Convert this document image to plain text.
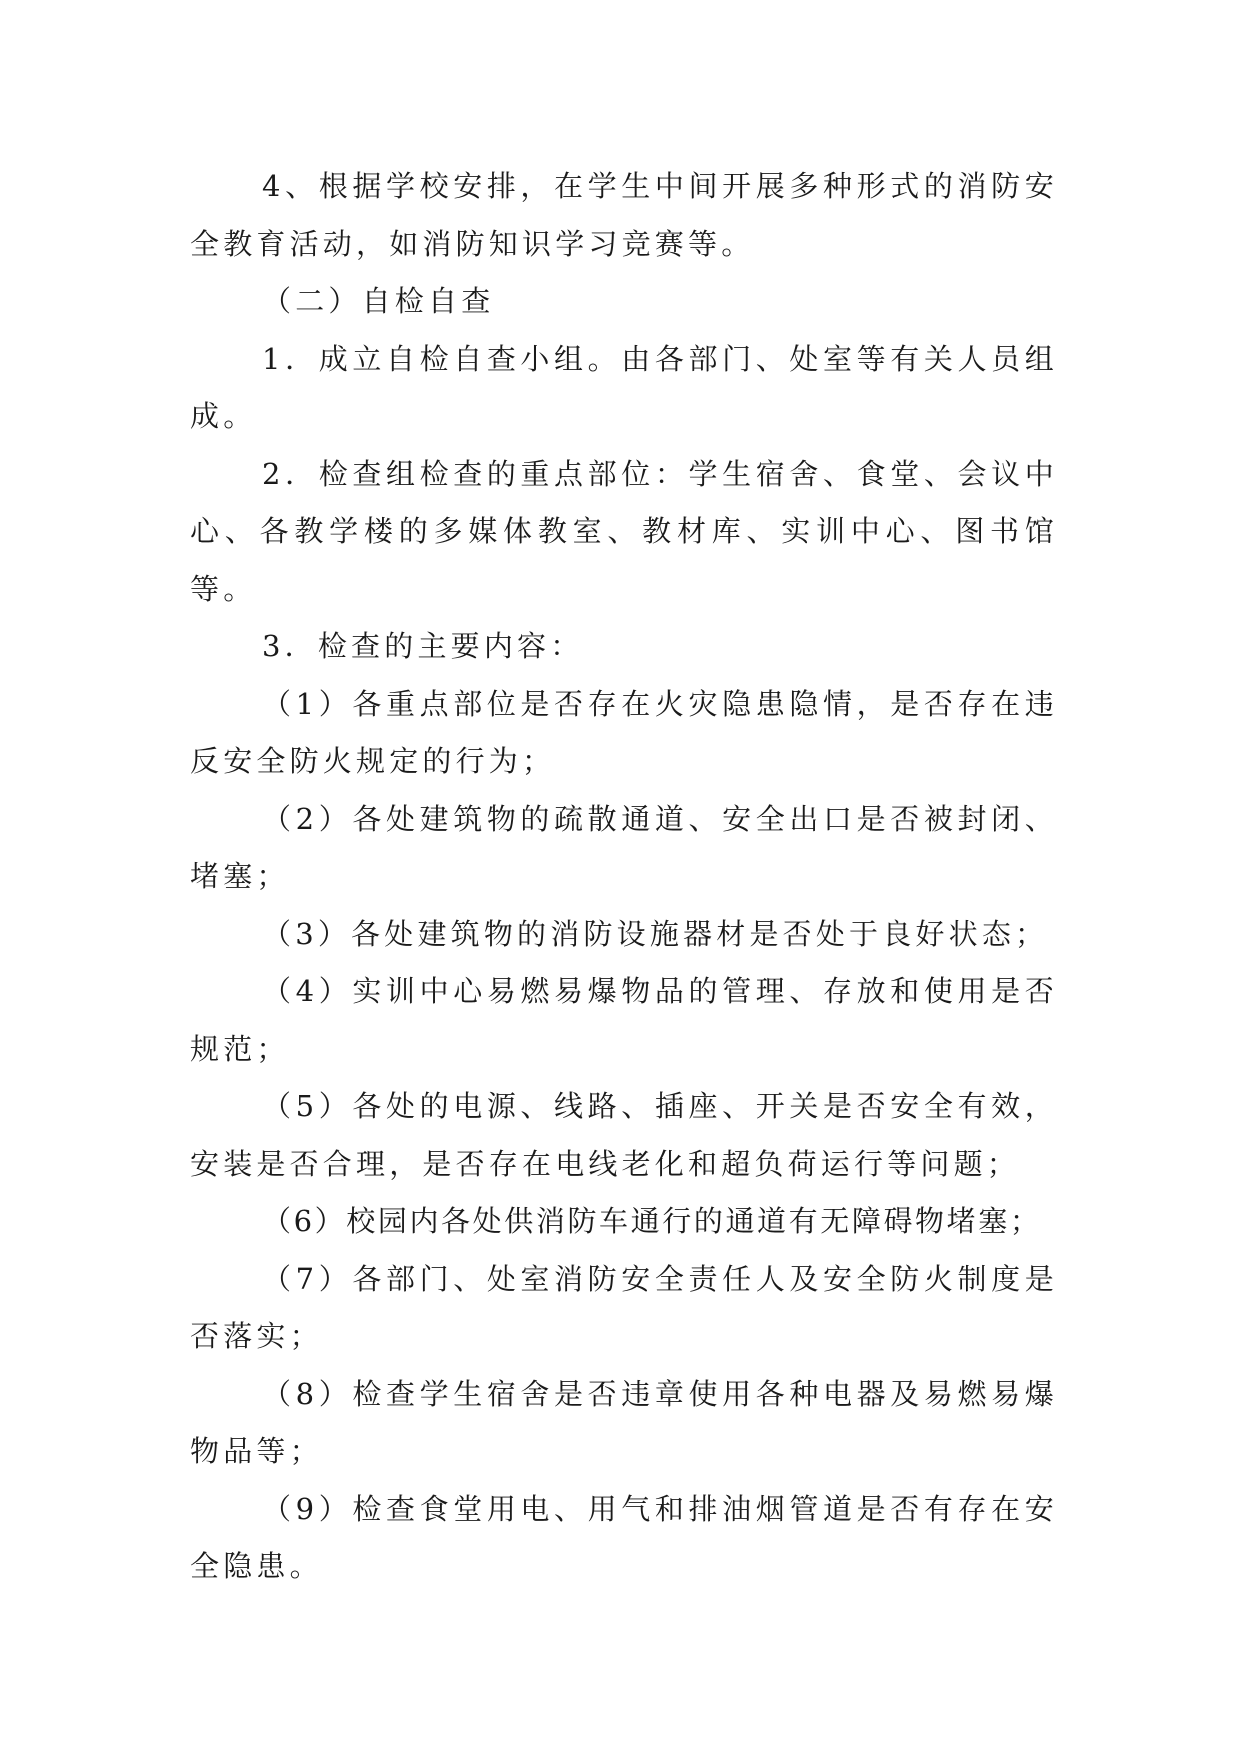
4、根据学校安排，在学生中间开展多种形式的消防安全教育活动，如消防知识学习竞赛等。

（二）自检自查

1．成立自检自查小组。由各部门、处室等有关人员组成。

2．检查组检查的重点部位：学生宿舍、食堂、会议中心、各教学楼的多媒体教室、教材库、实训中心、图书馆等。

3．检查的主要内容：

（1）各重点部位是否存在火灾隐患隐情，是否存在违反安全防火规定的行为；

（2）各处建筑物的疏散通道、安全出口是否被封闭、堵塞；

（3）各处建筑物的消防设施器材是否处于良好状态；

（4）实训中心易燃易爆物品的管理、存放和使用是否规范；

（5）各处的电源、线路、插座、开关是否安全有效，安装是否合理，是否存在电线老化和超负荷运行等问题；

（6）校园内各处供消防车通行的通道有无障碍物堵塞；

（7）各部门、处室消防安全责任人及安全防火制度是否落实；

（8）检查学生宿舍是否违章使用各种电器及易燃易爆物品等；

（9）检查食堂用电、用气和排油烟管道是否有存在安全隐患。
